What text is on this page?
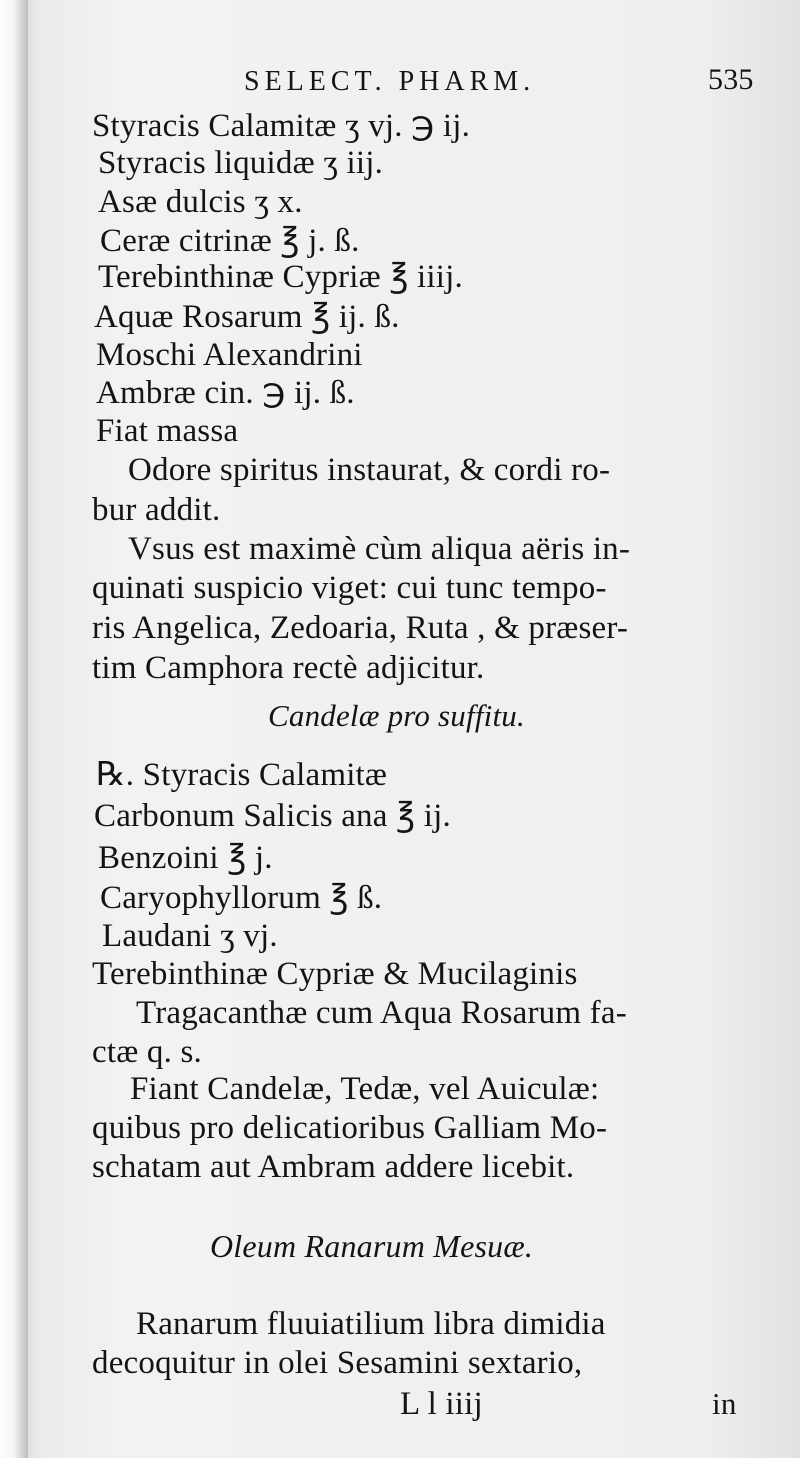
SELECT. PHARM.	535
Styracis Calamitæ ʒ vj. ℈ ij.
Styracis liquidæ ʒ iij.
Asæ dulcis ʒ x.
Ceræ citrinæ ℥ j. ß.
Terebinthinæ Cypriæ ℥ iiij.
Aquæ Rosarum ℥ ij. ß.
Moschi Alexandrini
Ambræ cin. ℈ ij. ß.
Fiat massa
Odore spiritus instaurat, & cordi ro-
bur addit.
Vsus est maximè cùm aliqua aëris in-
quinati suspicio viget: cui tunc tempo-
ris Angelica, Zedoaria, Ruta , & præser-
tim Camphora rectè adjicitur.
Candelæ pro suffitu.
℞. Styracis Calamitæ
Carbonum Salicis ana ℥ ij.
Benzoini ℥ j.
Caryophyllorum ℥ ß.
Laudani ʒ vj.
Terebinthinæ Cypriæ & Mucilaginis
Tragacanthæ cum Aqua Rosarum fa-
ctæ q. s.
Fiant Candelæ, Tedæ, vel Auiculæ:
quibus pro delicatioribus Galliam Mo-
schatam aut Ambram addere licebit.
Oleum Ranarum Mesuæ.
Ranarum fluuiatilium libra dimidia
decoquitur in olei Sesamini sextario,
L l iiij	in
